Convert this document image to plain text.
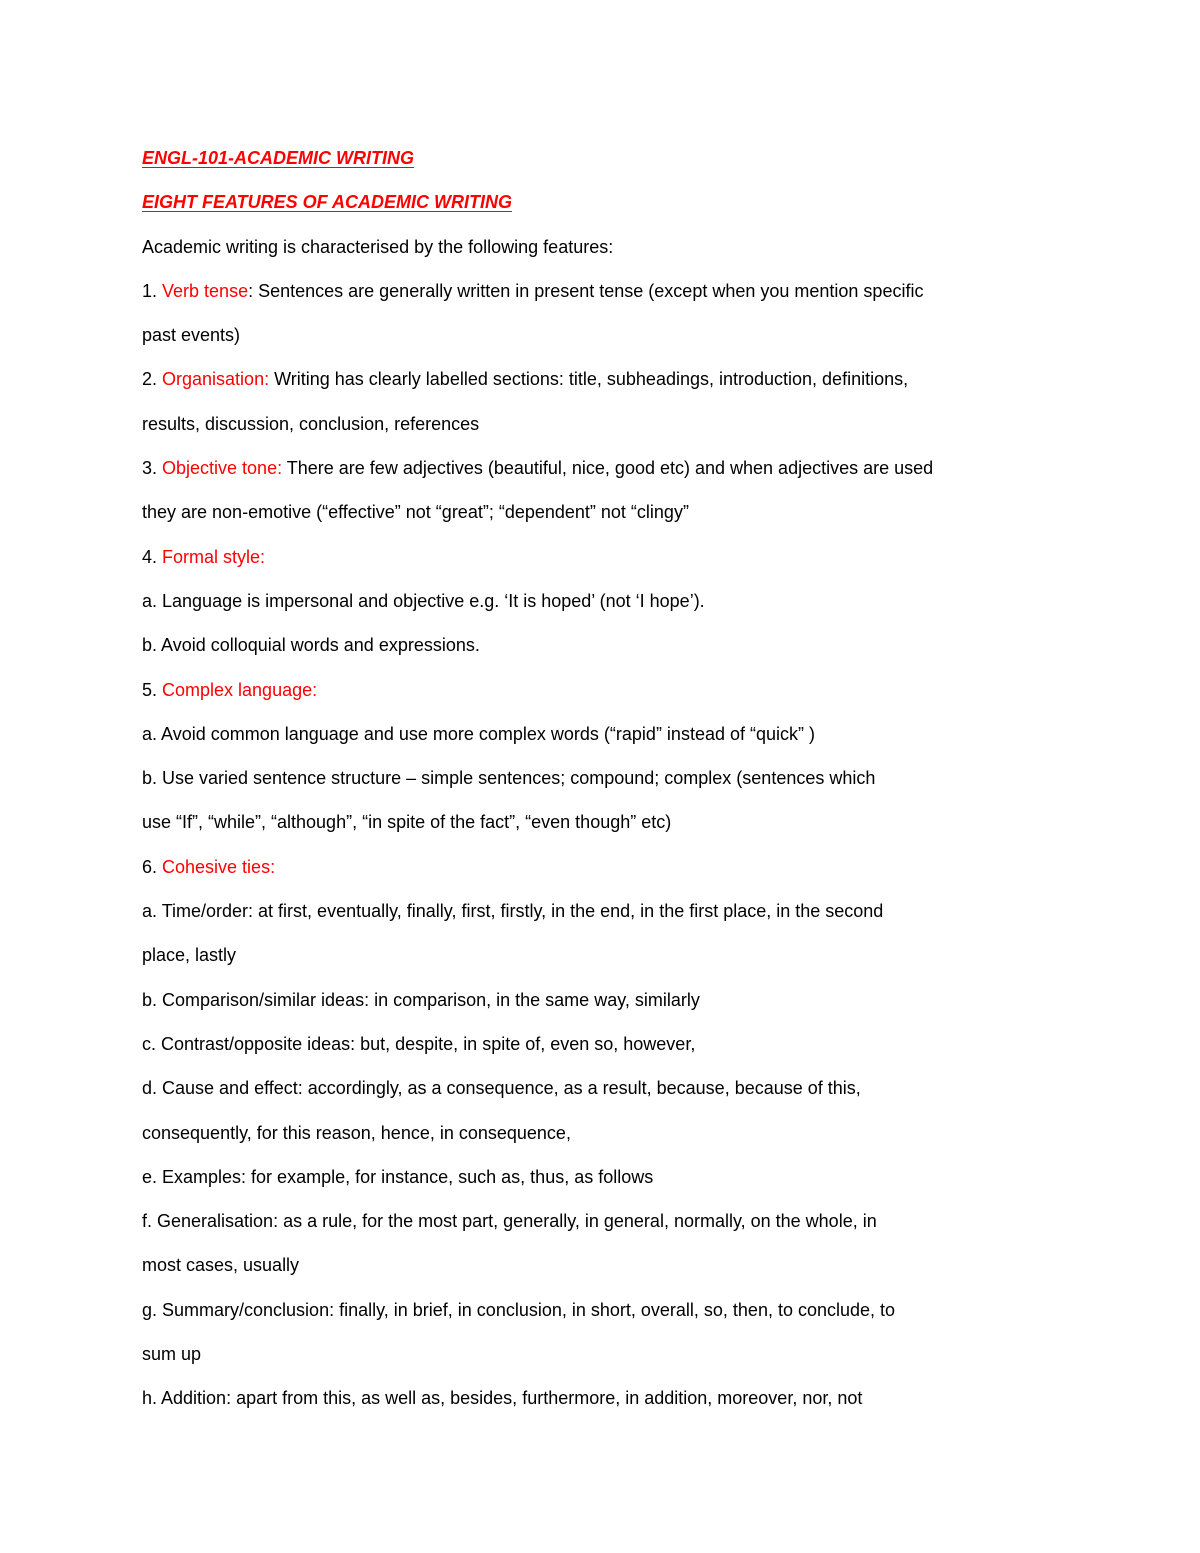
ENGL-101-ACADEMIC WRITING
EIGHT FEATURES OF ACADEMIC WRITING
Academic writing is characterised by the following features:
1. Verb tense: Sentences are generally written in present tense (except when you mention specific
past events)
2. Organisation: Writing has clearly labelled sections: title, subheadings, introduction, definitions,
results, discussion, conclusion, references
3. Objective tone: There are few adjectives (beautiful, nice, good etc) and when adjectives are used
they are non-emotive (“effective” not “great”; “dependent” not “clingy”
4. Formal style:
a. Language is impersonal and objective e.g. ‘It is hoped’ (not ‘I hope’).
b. Avoid colloquial words and expressions.
5. Complex language:
a. Avoid common language and use more complex words (“rapid” instead of “quick” )
b. Use varied sentence structure – simple sentences; compound; complex (sentences which
use “If”, “while”, “although”, “in spite of the fact”, “even though” etc)
6. Cohesive ties:
a. Time/order: at first, eventually, finally, first, firstly, in the end, in the first place, in the second
place, lastly
b. Comparison/similar ideas: in comparison, in the same way, similarly
c. Contrast/opposite ideas: but, despite, in spite of, even so, however,
d. Cause and effect: accordingly, as a consequence, as a result, because, because of this,
consequently, for this reason, hence, in consequence,
e. Examples: for example, for instance, such as, thus, as follows
f. Generalisation: as a rule, for the most part, generally, in general, normally, on the whole, in
most cases, usually
g. Summary/conclusion: finally, in brief, in conclusion, in short, overall, so, then, to conclude, to
sum up
h. Addition: apart from this, as well as, besides, furthermore, in addition, moreover, nor, not
